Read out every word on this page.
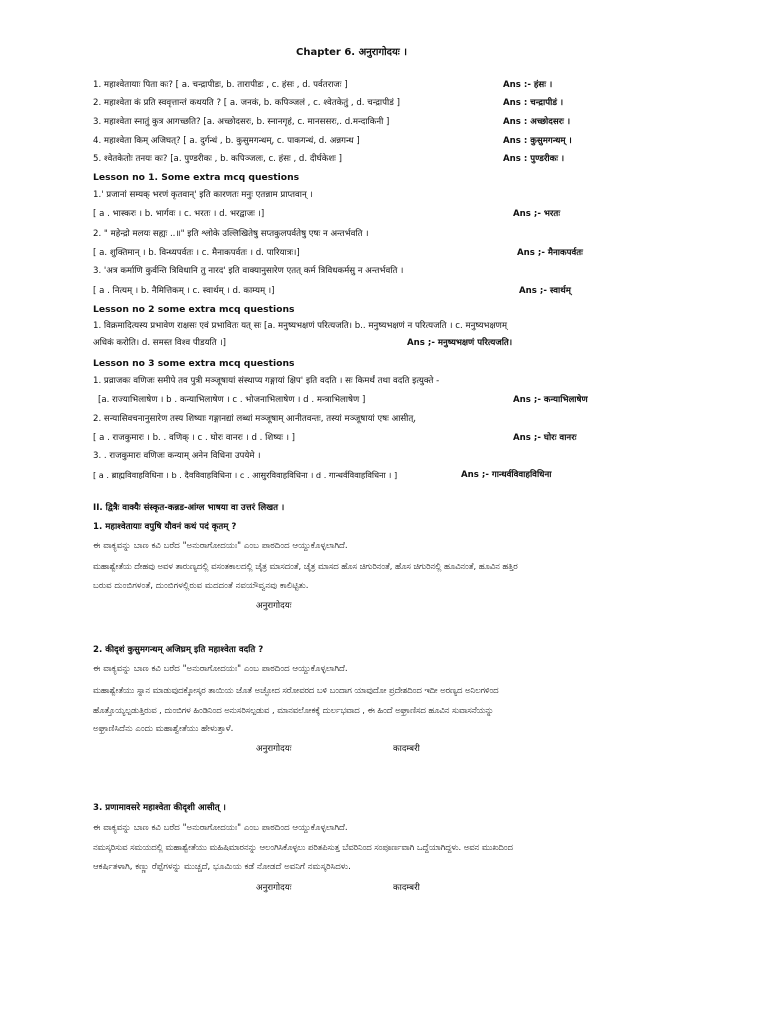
Chapter 6. अनुरागोदयः ।
1. महाश्वेतायाः पिता कः? [ a. चन्द्रापीडः, b. तारापीडः , c. हंसः , d. पर्वतराजः ]	Ans :- हंसः ।
2. महाश्वेता कं प्रति स्ववृत्तान्तं कथयति ? [ a. जनकं, b. कपिञ्जलं , c. श्वेतकेतुं , d. चन्द्रापीडं ]	Ans : चन्द्रापीडं ।
3. महाश्वेता स्नातुं कुत्र आगच्छति? [a. अच्छोदसरः, b. स्नानगृहं, c. मानससरः,. d.मन्दाकिनी ]	Ans : अच्छोदसरः ।
4. महाश्वेता किम् अजिघत्? [ a. दुर्गन्धं , b. कुसुमगन्धम्, c. पाकगन्धं, d. अन्नगन्ध ]	Ans : कुसुमगन्धम् ।
5. श्वेतकेतोः तनयः कः? [a. पुण्डरीकः , b. कपिञ्जलः, c. हंसः , d. दीर्घकेशः ]	Ans : पुण्डरीकः ।
Lesson no 1. Some extra mcq questions
1.' प्रजानां सम्यक् भरणं कृतवान्' इति कारणतः मनुः एतन्नाम प्राप्तवान् ।
[ a . भास्करः । b. भार्गवः । c. भरतः । d. भरद्वाजः ।]	Ans ;- भरतः
2. " महेन्द्रो मलयः सह्यः ..॥" इति श्लोके उल्लिखितेषु सप्तकुलपर्वतेषु एषः न अन्तर्भवति ।
[ a. शुक्तिमान् । b. विन्ध्यपर्वतः । c. मैनाकपर्वतः । d. पारियात्रः।]	Ans ;- मैनाकपर्वतः
3. 'अत्र कर्माणि कुर्वन्ति त्रिविधानि तु नारद' इति वाक्यानुसारेण एतत् कर्म त्रिविधकर्मसु न अन्तर्भवति ।
[ a . नित्यम् । b. नैमित्तिकम् । c. स्वार्थम् । d. काम्यम् ।]	Ans ;- स्वार्थम्
Lesson no 2 some extra mcq questions
1. विक्रमादित्यस्य प्रभावेण राक्षसः एवं प्रभावितः यत् सः [a. मनुष्यभक्षणं परित्यजति। b.. मनुष्यभक्षणं न परित्यजति । c. मनुष्यभक्षणम्
अधिकं करोति। d. समस्त विश्व पीडयति ।]	Ans ;- मनुष्यभक्षणं परित्यजति।
Lesson no 3 some extra mcq questions
1. प्रव्राजकः वणिजः समीपे तव पुत्री मञ्जूषायां संस्थाप्य गङ्गायां क्षिप' इति वदति । सः किमर्थं तथा वदति इत्युक्ते -
[a. राज्याभिलाषेण । b . कन्याभिलाषेण । c . भोजनाभिलाषेण । d . मन्त्राभिलाषेण ]	Ans ;- कन्याभिलाषेण
2. सन्यासिवचनानुसारेण तस्य शिष्याः गङ्गानद्यां लब्धां मञ्जूषाम् आनीतवन्तः, तस्यां मञ्जूषायां एषः आसीत्,
[ a . राजकुमारः । b. . वणिक् । c . घोरः वानरः । d . शिष्यः । ]	Ans ;- घोरः वानरः
3. . राजकुमारः वणिजः कन्याम् अनेन विधिना उपयेमे ।
[ a . ब्राह्मविवाहविधिना । b . दैवविवाहविधिना । c . आसुरविवाहविधिना । d . गान्धर्वविवाहविधिना । ]	Ans ;- गान्धर्वविवाहविधिना
II. द्वित्रैः वाक्यैः संस्कृत-कन्नड-आंग्ल भाषया वा उत्तरं लिखत ।
1. महाश्वेतायाः वपुषि यौवनं कथं पदं कृतम् ?
ಈ ವಾಕ್ಯವನ್ನು ಬಾಣ ಕವಿ ಬರೆದ "ಅನುರಾಗೋದಯಃ" ಎಂಬ ಪಾಠದಿಂದ ಆಯ್ದುಕೊಳ್ಳಲಾಗಿದೆ.
ಮಹಾಶ್ವೇತೆಯ ದೇಹವು ಅವಳ ತಾರುಣ್ಯದಲ್ಲಿ ವಸಂತಕಾಲದಲ್ಲಿ ಚೈತ್ರ ಮಾಸದಂತೆ, ಚೈತ್ರ ಮಾಸದ ಹೊಸ ಚಿಗುರಿನಂತೆ, ಹೊಸ ಚಿಗುರಿನಲ್ಲಿ ಹೂವಿನಂತೆ, ಹೂವಿನ ಹತ್ತಿರ
ಬರುವ ದುಂಬಿಗಳಂತೆ, ದುಂಬಿಗಳಲ್ಲಿರುವ ಮದದಂತೆ ನವಯೌವ್ವನವು ಕಾಲಿಟ್ಟಿತು.
अनुरागोदयः
2. कीदृशं कुसुमगन्धम् अजिघ्रम् इति महाश्वेता वदति ?
ಈ ವಾಕ್ಯವನ್ನು ಬಾಣ ಕವಿ ಬರೆದ "ಅನುರಾಗೋದಯಃ" ಎಂಬ ಪಾಠದಿಂದ ಆಯ್ದುಕೊಳ್ಳಲಾಗಿದೆ.
ಮಹಾಶ್ವೇತೆಯು ಸ್ನಾನ ಮಾಡುವುದಕ್ಕೋಸ್ಕರ ತಾಯಿಯ ಜೊತೆ ಅಚ್ಛೋದ ಸರೋವರದ ಬಳಿ ಬಂದಾಗ ಯಾವುದೋ ಪ್ರದೇಶದಿಂದ ಇದೀ ಅರಣ್ಯದ ಅನಿಲಗಳಿಂದ
ಹೊತ್ತೊಯ್ಯಲ್ಪಡುತ್ತಿರುವ , ದುಂಬಿಗಳ ಹಿಂಡಿನಿಂದ ಅನುಸರಿಸಲ್ಪಡುವ , ಮಾನವಲೋಕಕ್ಕೆ ದುರ್ಲಭವಾದ , ಈ ಹಿಂದೆ ಅಘ್ರಾಣಿಸದ ಹೂವಿನ ಸುವಾಸನೆಯನ್ನು
ಅಘ್ರಾಣಿಸಿದೆನು ಎಂದು ಮಹಾಶ್ವೇತೆಯು ಹೇಳುತ್ತಾಳೆ.
अनुरागोदयः	कादम्बरी
3. प्रणामावसरे महाश्वेता कीदृशी आसीत् ।
ಈ ವಾಕ್ಯವನ್ನು ಬಾಣ ಕವಿ ಬರೆದ "ಅನುರಾಗೋದಯಃ" ಎಂಬ ಪಾಠದಿಂದ ಆಯ್ದುಕೊಳ್ಳಲಾಗಿದೆ.
ನಮಸ್ಕರಿಸುವ ಸಮಯದಲ್ಲಿ ಮಹಾಶ್ವೇತೆಯು ಮಹಿಷಿಮಾರನನ್ನು ಆಲಂಗಿಸಿಕೊಳ್ಳಲು ಪರಿತಪಿಸುತ್ತ ಬೆವರಿನಿಂದ ಸಂಪೂರ್ಣವಾಗಿ ಒದ್ದೆಯಾಗಿದ್ದಳು. ಅವನ ಮುಖದಿಂದ
ಆಕರ್ಷಿತಳಾಗಿ, ಕಣ್ಣು ರೆಪ್ಪೆಗಳನ್ನು ಮುಚ್ಚದೆ, ಭೂಮಿಯ ಕಡೆ ನೋಡದೆ ಅವನಿಗೆ ನಮಸ್ಕರಿಸಿದಳು.
अनुरागोदयः	कादम्बरी
